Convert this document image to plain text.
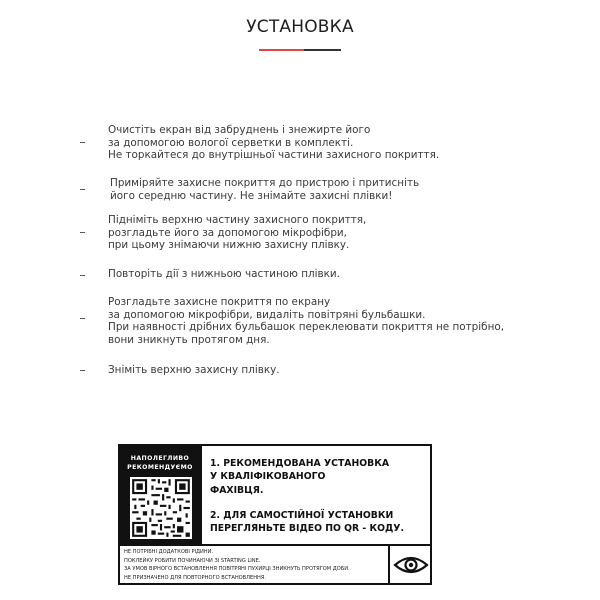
УСТАНОВКА
Очистіть екран від забруднень і знежирте його
за допомогою вологої серветки в комплекті.
Не торкайтеся до внутрішньої частини захисного покриття.
Приміряйте захисне покриття до пристрою і притисніть
його середню частину. Не знімайте захисні плівки!
Підніміть верхню частину захисного покриття,
розгладьте його за допомогою мікрофібри,
при цьому знімаючи нижню захисну плівку.
Повторіть дії з нижньою частиною плівки.
Розгладьте захисне покриття по екрану
за допомогою мікрофібри, видаліть повітряні бульбашки.
При наявності дрібних бульбашок переклеювати покриття не потрібно,
вони зникнуть протягом дня.
Зніміть верхню захисну плівку.
НАПОЛЕГЛИВО
РЕКОМЕНДУЄМО	1. РЕКОМЕНДОВАНА УСТАНОВКА
У КВАЛІФІКОВАНОГО
ФАХІВЦЯ.
2. ДЛЯ САМОСТІЙНОЇ УСТАНОВКИ
ПЕРЕГЛЯНЬТЕ ВІДЕО ПО QR - КОДУ.
НЕ ПОТРІБНІ ДОДАТКОВІ РІДИНИ.
ПОКЛЕЙКУ РОБИТИ ПОЧИНАЮЧИ ЗІ STARTING LINE.
ЗА УМОВ ВІРНОГО ВСТАНОВЛЕННЯ ПОВІТРЯНІ ПУХИРЦІ ЗНИКНУТЬ ПРОТЯГОМ ДОБИ.
НЕ ПРИЗНАЧЕНО ДЛЯ ПОВТОРНОГО ВСТАНОВЛЕННЯ.
